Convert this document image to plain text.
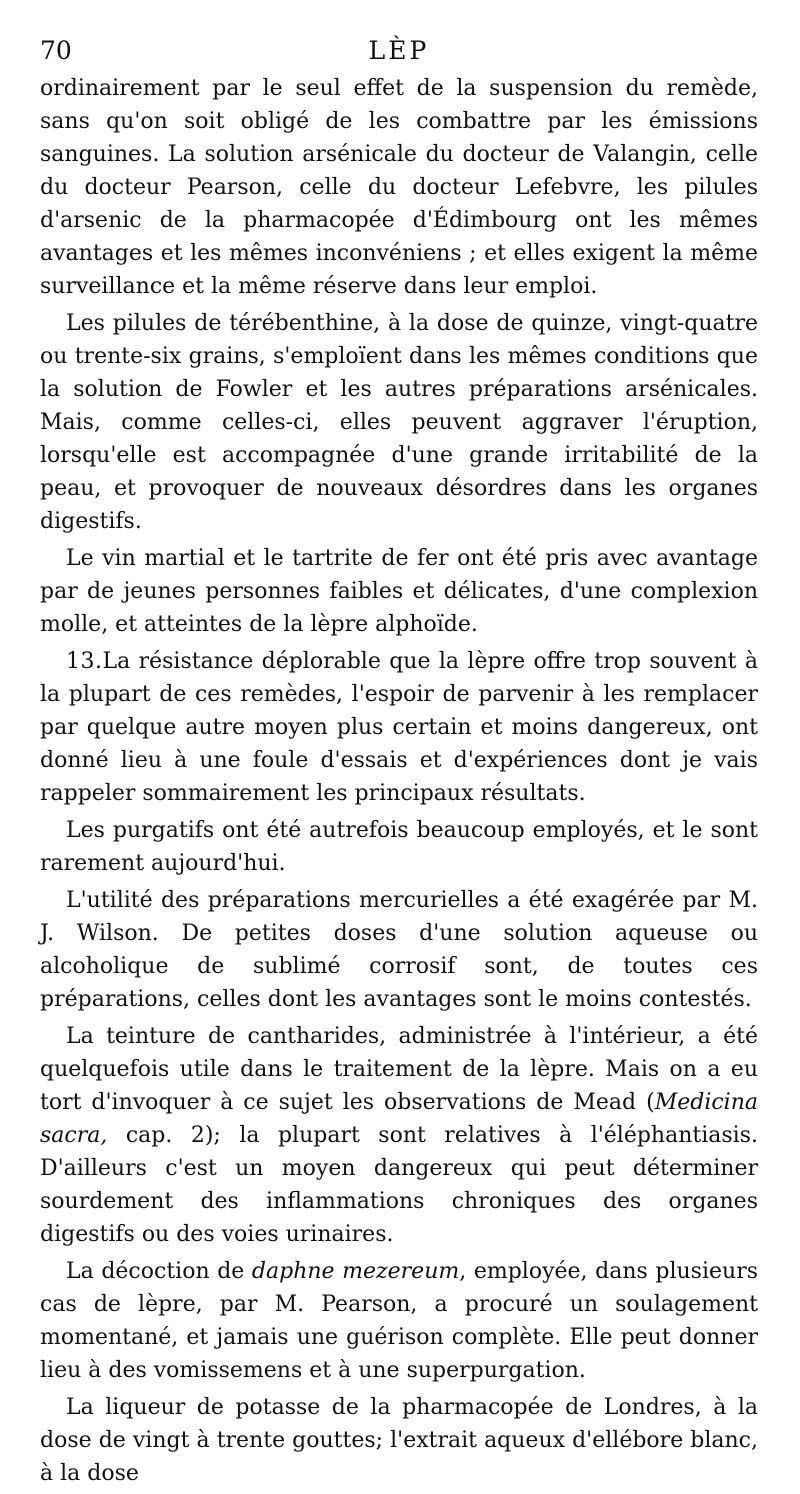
70	LÈP

ordinairement par le seul effet de la suspension du remède, sans qu'on soit obligé de les combattre par les émissions sanguines. La solution arsénicale du docteur de Valangin, celle du docteur Pearson, celle du docteur Lefebvre, les pilules d'arsenic de la pharmacopée d'Édimbourg ont les mêmes avantages et les mêmes inconvéniens ; et elles exigent la même surveillance et la même réserve dans leur emploi.

Les pilules de térébenthine, à la dose de quinze, vingt-quatre ou trente-six grains, s'emploïent dans les mêmes conditions que la solution de Fowler et les autres préparations arsénicales. Mais, comme celles-ci, elles peuvent aggraver l'éruption, lorsqu'elle est accompagnée d'une grande irritabilité de la peau, et provoquer de nouveaux désordres dans les organes digestifs.

Le vin martial et le tartrite de fer ont été pris avec avantage par de jeunes personnes faibles et délicates, d'une complexion molle, et atteintes de la lèpre alphoïde.

13.La résistance déplorable que la lèpre offre trop souvent à la plupart de ces remèdes, l'espoir de parvenir à les remplacer par quelque autre moyen plus certain et moins dangereux, ont donné lieu à une foule d'essais et d'expériences dont je vais rappeler sommairement les principaux résultats.

Les purgatifs ont été autrefois beaucoup employés, et le sont rarement aujourd'hui.

L'utilité des préparations mercurielles a été exagérée par M. J. Wilson. De petites doses d'une solution aqueuse ou alcoholique de sublimé corrosif sont, de toutes ces préparations, celles dont les avantages sont le moins contestés.

La teinture de cantharides, administrée à l'intérieur, a été quelquefois utile dans le traitement de la lèpre. Mais on a eu tort d'invoquer à ce sujet les observations de Mead (Medicina sacra, cap. 2); la plupart sont relatives à l'éléphantiasis. D'ailleurs c'est un moyen dangereux qui peut déterminer sourdement des inflammations chroniques des organes digestifs ou des voies urinaires.

La décoction de daphne mezereum, employée, dans plusieurs cas de lèpre, par M. Pearson, a procuré un soulagement momentané, et jamais une guérison complète. Elle peut donner lieu à des vomissemens et à une superpurgation.

La liqueur de potasse de la pharmacopée de Londres, à la dose de vingt à trente gouttes; l'extrait aqueux d'ellébore blanc, à la dose
